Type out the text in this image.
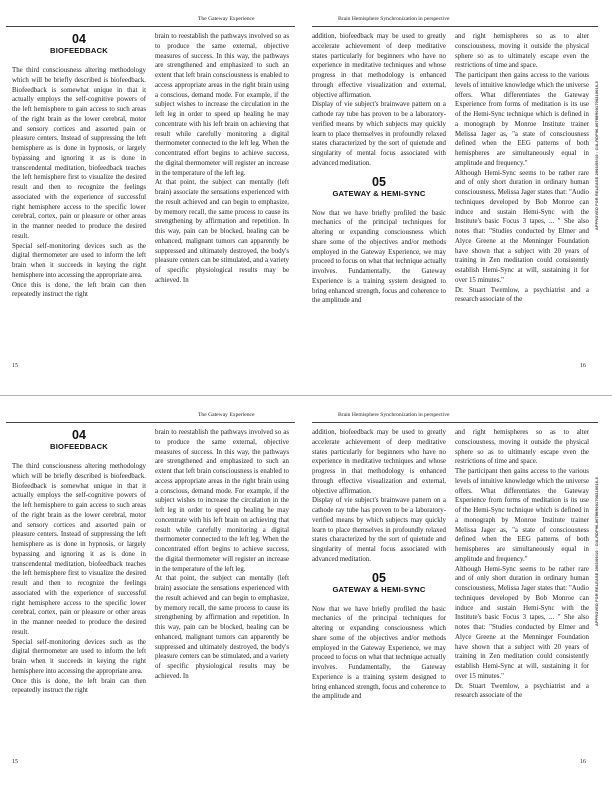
The Gateway Experience	Brain Hemisphere Synchronization in perspective
04
BIOFEEDBACK

The third consciousness altering methodology which will be briefly described is biofeedback. Biofeedback is somewhat unique in that it actually employs the self-cognitive powers of the left hemisphere to gain access to such areas of the right brain as the lower cerebral, motor and sensory cortices and assorted pain or pleasure centers. Instead of suppressing the left hemisphere as is done in hypnosis, or largely bypassing and ignoring it as is done in transcendental meditation, biofeedback teaches the left hemisphere first to visualize the desired result and then to recognize the feelings associated with the experience of successful right hemisphere access to the specific lower cerebral, cortex, pain or pleasure or other areas in the manner needed to produce the desired result.

Special self-monitoring devices such as the digital thermometer are used to inform the left brain when it succeeds in keying the right hemisphere into accessing the appropriate area.

Once this is done, the left brain can then repeatedly instruct the right

brain to reestablish the pathways involved so as to produce the same external, objective measures of success. In this way, the pathways are strengthened and emphasized to such an extent that left brain consciousness is enabled to access appropriate areas in the right brain using a conscious, demand mode. For example, if the subject wishes to increase the circulation in the left leg in order to speed up healing he may concentrate with his left brain on achieving that result while carefully monitoring a digital thermometer connected to the left leg. When the concentrated effort begins to achieve success, the digital thermometer will register an increase in the temperature of the left leg.

At that point, the subject can mentally (left brain) associate the sensations experienced with the result achieved and can begin to emphasize, by memory recall, the same process to cause its strengthening by affirmation and repetition. In this way, pain can be blocked, healing can be enhanced, malignant tumors can apparently be suppressed and ultimately destroyed, the body's pleasure centers can be stimulated, and a variety of specific physiological results may be achieved. In

addition, biofeedback may be used to greatly accelerate achievement of deep meditative states particularly for beginners who have no experience in meditative techniques and whose progress in that methodology is enhanced through effective visualization and external, objective affirmation.

Display of vie subject's brainwave pattern on a cathode ray tube has proven to be a laboratory-verified means by which subjects may quickly learn to place themselves in profoundly relaxed states characterized by the sort of quietude and singularity of mental focus associated with advanced meditation.

05
GATEWAY & HEMI-SYNC

Now that we have briefly profiled the basic mechanics of the principal techniques for altering or expanding consciousness which share some of the objectives and/or methods employed in the Gateway Experience, we may proceed to focus on what that technique actually involves. Fundamentally, the Gateway Experience is a training system designed to bring enhanced strength, focus and coherence to the amplitude and

and right hemispheres so as to alter consciousness, moving it outside the physical sphere so as to ultimately escape even the restrictions of time and space.

The participant then gains access to the various levels of intuitive knowledge which the universe offers. What differentiates the Gateway Experience from forms of meditation is its use of the Hemi-Sync technique which is defined in a monograph by Monroe Institute trainer Melissa Jager as, "a state of consciousness defined when the EEG patterns of both hemispheres are simultaneously equal in amplitude and frequency."

Although Hemi-Sync seems to be rather rare and of only short duration in ordinary human consciousness, Melissa Jager states that: "Audio techniques developed by Bob Monroe can induce and sustain Hemi-Sync with the Institute's basic Focus 3 tapes, ... " She also notes that: "Studies conducted by Elmer and Alyce Greene at the Menninger Foundation have shown that a subject with 20 years of training in Zen meditation could consistently establish Hemi-Sync at will, sustaining it for over 15 minutes."

Dr. Stuart Twemlow, a psychiatrist and a research associate of the

15	16
APPROVED FOR RELEASE 2003/09/10 : CIA-RDP96-00788R001700210016-5
The Gateway Experience	Brain Hemisphere Synchronization in perspective
04
BIOFEEDBACK

The third consciousness altering methodology which will be briefly described is biofeedback. Biofeedback is somewhat unique in that it actually employs the self-cognitive powers of the left hemisphere to gain access to such areas of the right brain as the lower cerebral, motor and sensory cortices and assorted pain or pleasure centers. Instead of suppressing the left hemisphere as is done in hypnosis, or largely bypassing and ignoring it as is done in transcendental meditation, biofeedback teaches the left hemisphere first to visualize the desired result and then to recognize the feelings associated with the experience of successful right hemisphere access to the specific lower cerebral, cortex, pain or pleasure or other areas in the manner needed to produce the desired result.

Special self-monitoring devices such as the digital thermometer are used to inform the left brain when it succeeds in keying the right hemisphere into accessing the appropriate area.

Once this is done, the left brain can then repeatedly instruct the right

brain to reestablish the pathways involved so as to produce the same external, objective measures of success. In this way, the pathways are strengthened and emphasized to such an extent that left brain consciousness is enabled to access appropriate areas in the right brain using a conscious, demand mode. For example, if the subject wishes to increase the circulation in the left leg in order to speed up healing he may concentrate with his left brain on achieving that result while carefully monitoring a digital thermometer connected to the left leg. When the concentrated effort begins to achieve success, the digital thermometer will register an increase in the temperature of the left leg.

At that point, the subject can mentally (left brain) associate the sensations experienced with the result achieved and can begin to emphasize, by memory recall, the same process to cause its strengthening by affirmation and repetition. In this way, pain can be blocked, healing can be enhanced, malignant tumors can apparently be suppressed and ultimately destroyed, the body's pleasure centers can be stimulated, and a variety of specific physiological results may be achieved. In

addition, biofeedback may be used to greatly accelerate achievement of deep meditative states particularly for beginners who have no experience in meditative techniques and whose progress in that methodology is enhanced through effective visualization and external, objective affirmation.

Display of vie subject's brainwave pattern on a cathode ray tube has proven to be a laboratory-verified means by which subjects may quickly learn to place themselves in profoundly relaxed states characterized by the sort of quietude and singularity of mental focus associated with advanced meditation.

05
GATEWAY & HEMI-SYNC

Now that we have briefly profiled the basic mechanics of the principal techniques for altering or expanding consciousness which share some of the objectives and/or methods employed in the Gateway Experience, we may proceed to focus on what that technique actually involves. Fundamentally, the Gateway Experience is a training system designed to bring enhanced strength, focus and coherence to the amplitude and

and right hemispheres so as to alter consciousness, moving it outside the physical sphere so as to ultimately escape even the restrictions of time and space.

The participant then gains access to the various levels of intuitive knowledge which the universe offers. What differentiates the Gateway Experience from forms of meditation is its use of the Hemi-Sync technique which is defined in a monograph by Monroe Institute trainer Melissa Jager as, "a state of consciousness defined when the EEG patterns of both hemispheres are simultaneously equal in amplitude and frequency."

Although Hemi-Sync seems to be rather rare and of only short duration in ordinary human consciousness, Melissa Jager states that: "Audio techniques developed by Bob Monroe can induce and sustain Hemi-Sync with the Institute's basic Focus 3 tapes, ... " She also notes that: "Studies conducted by Elmer and Alyce Greene at the Menninger Foundation have shown that a subject with 20 years of training in Zen meditation could consistently establish Hemi-Sync at will, sustaining it for over 15 minutes."

Dr. Stuart Twemlow, a psychiatrist and a research associate of the

15	16
APPROVED FOR RELEASE 2003/09/10 : CIA-RDP96-00788R001700210016-5
